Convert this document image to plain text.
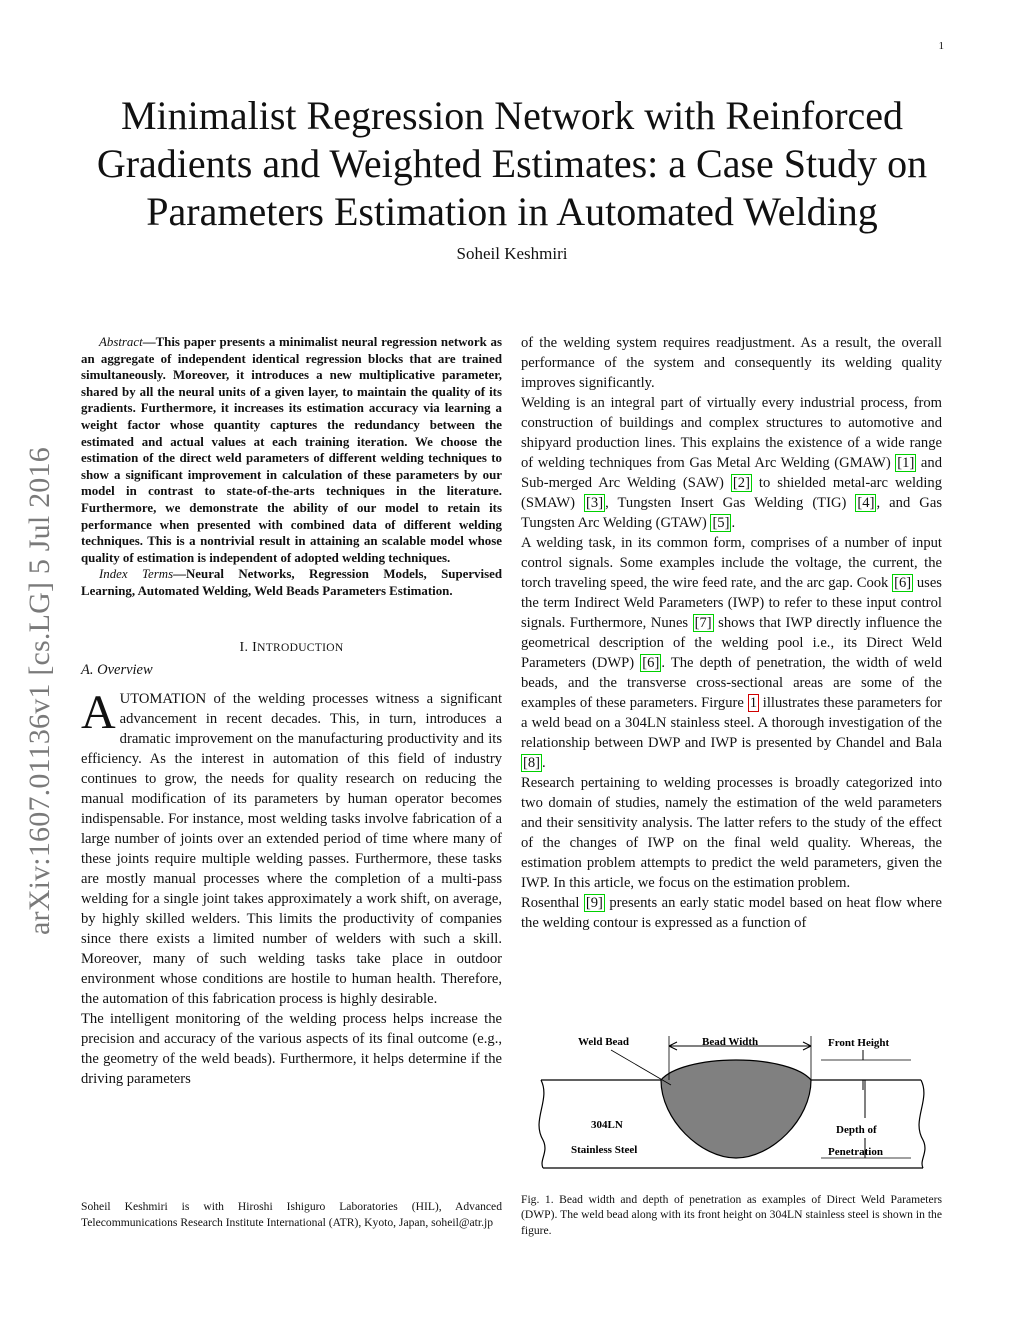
1
arXiv:1607.01136v1 [cs.LG] 5 Jul 2016
Minimalist Regression Network with Reinforced Gradients and Weighted Estimates: a Case Study on Parameters Estimation in Automated Welding
Soheil Keshmiri

Abstract—This paper presents a minimalist neural regression network as an aggregate of independent identical regression blocks that are trained simultaneously. Moreover, it introduces a new multiplicative parameter, shared by all the neural units of a given layer, to maintain the quality of its gradients. Furthermore, it increases its estimation accuracy via learning a weight factor whose quantity captures the redundancy between the estimated and actual values at each training iteration. We choose the estimation of the direct weld parameters of different welding techniques to show a significant improvement in calculation of these parameters by our model in contrast to state-of-the-arts techniques in the literature. Furthermore, we demonstrate the ability of our model to retain its performance when presented with combined data of different welding techniques. This is a nontrivial result in attaining an scalable model whose quality of estimation is independent of adopted welding techniques.

Index Terms—Neural Networks, Regression Models, Supervised Learning, Automated Welding, Weld Beads Parameters Estimation.

I. INTRODUCTION
A. Overview

AUTOMATION of the welding processes witness a significant advancement in recent decades. This, in turn, introduces a dramatic improvement on the manufacturing productivity and its efficiency. As the interest in automation of this field of industry continues to grow, the needs for quality research on reducing the manual modification of its parameters by human operator becomes indispensable. For instance, most welding tasks involve fabrication of a large number of joints over an extended period of time where many of these joints require multiple welding passes. Furthermore, these tasks are mostly manual processes where the completion of a multi-pass welding for a single joint takes approximately a work shift, on average, by highly skilled welders. This limits the productivity of companies since there exists a limited number of welders with such a skill. Moreover, many of such welding tasks take place in outdoor environment whose conditions are hostile to human health. Therefore, the automation of this fabrication process is highly desirable.

The intelligent monitoring of the welding process helps increase the precision and accuracy of the various aspects of its final outcome (e.g., the geometry of the weld beads). Furthermore, it helps determine if the driving parameters

of the welding system requires readjustment. As a result, the overall performance of the system and consequently its welding quality improves significantly.

Welding is an integral part of virtually every industrial process, from construction of buildings and complex structures to automotive and shipyard production lines. This explains the existence of a wide range of welding techniques from Gas Metal Arc Welding (GMAW) [1] and Sub-merged Arc Welding (SAW) [2] to shielded metal-arc welding (SMAW) [3] , Tungsten Insert Gas Welding (TIG) [4] , and Gas Tungsten Arc Welding (GTAW) [5] .

A welding task, in its common form, comprises of a number of input control signals. Some examples include the voltage, the current, the torch traveling speed, the wire feed rate, and the arc gap. Cook [6] uses the term Indirect Weld Parameters (IWP) to refer to these input control signals. Furthermore, Nunes [7] shows that IWP directly influence the geometrical description of the welding pool i.e., its Direct Weld Parameters (DWP) [6] . The depth of penetration, the width of weld beads, and the transverse cross-sectional areas are some of the examples of these parameters. Firgure 1 illustrates these parameters for a weld bead on a 304LN stainless steel. A thorough investigation of the relationship between DWP and IWP is presented by Chandel and Bala [8] .

Research pertaining to welding processes is broadly categorized into two domain of studies, namely the estimation of the weld parameters and their sensitivity analysis. The latter refers to the study of the effect of the changes of IWP on the final weld quality. Whereas, the estimation problem attempts to predict the weld parameters, given the IWP. In this article, we focus on the estimation problem.

Rosenthal [9] presents an early static model based on heat flow where the welding contour is expressed as a function of

Weld Bead	Bead Width	Front Height
304LN
Stainless Steel
Depth of
Penetration
Fig. 1. Bead width and depth of penetration as examples of Direct Weld Parameters (DWP). The weld bead along with its front height on 304LN stainless steel is shown in the figure.
Soheil Keshmiri is with Hiroshi Ishiguro Laboratories (HIL), Advanced Telecommunications Research Institute International (ATR), Kyoto, Japan, soheil@atr.jp
